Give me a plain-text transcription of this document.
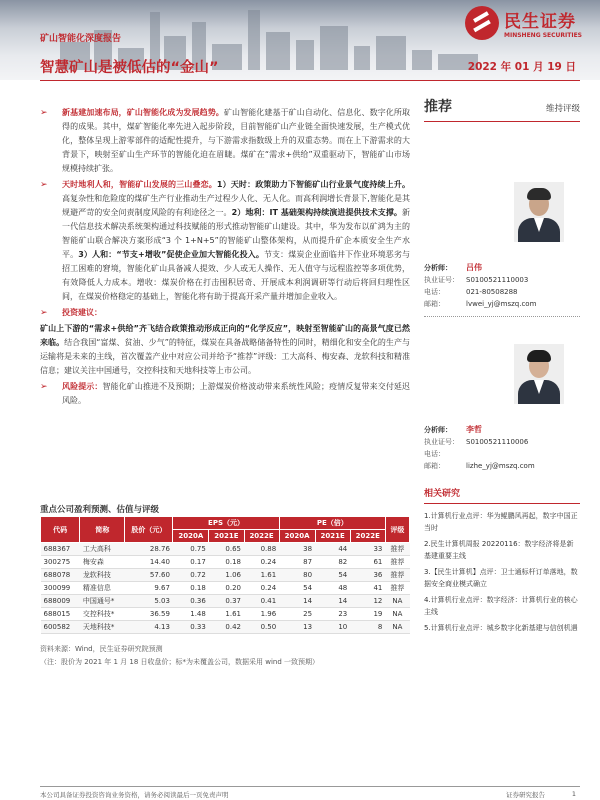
矿山智能化深度报告
智慧矿山是被低估的“金山”	2022 年 01 月 19 日
民生证券
MINSHENG SECURITIES
➢ 新基建加速布局，矿山智能化成为发展趋势。矿山智能化建基于矿山自动化、信息化、数字化所取得的成果。其中，煤矿智能化率先进入起步阶段，目前智能矿山产业链全面快速发展，生产模式优化，整体呈现上游零部件的适配性提升，与下游需求指数级上升的双重态势。而在上下游需求的大背景下，映射至矿山生产环节的智能化迫在眉睫。煤矿在“需求+供给”双重驱动下，智能矿山市场规模持续扩张。
➢ 天时地利人和，智能矿山发展的三山叠恋。1）天时：政策助力下智能矿山行业景气度持续上升。高复杂性和危险度的煤矿生产行业推动生产过程少人化、无人化。而高利润增长背景下,智能化是其规避严苛的安全问责制度风险的有利途径之一。2）地利：IT 基础架构持续演进提供技术支撑。新一代信息技术解决系统架构通过科技赋能的形式推动智能矿山建设。其中，华为发布以矿鸿为主的智能矿山联合解决方案形成“3 个 1+N+5”的智能矿山整体架构，从而提升矿企本质安全生产水平。3）人和：“节支+增收”促使企业加大智能化投入。节支：煤炭企业面临井下作业环境恶劣与招工困难的窘境，智能化矿山具备减人提效、少人或无人操作、无人值守与远程监控等多项优势，有效降低人力成本。增收：煤炭价格在打击囤积居奇、开展成本利润调研等行动后将回归理性区间，在煤炭价格稳定的基础上，智能化将有助于提高开采产量并增加企业收入。
➢ 投资建议：
矿山上下游的“需求+供给”齐飞结合政策推动形成正向的“化学反应”，映射至智能矿山的高景气度已然来临。结合我国“富煤、贫油、少气”的特征，煤炭在具备战略储备特性的同时，精细化和安全化的生产与运输将是未来的主线，首次覆盖产业中对应公司并给予“推荐”评级：工大高科、梅安森、龙软科技和精准信息；建议关注中国通号，交控科技和天地科技等上市公司。
➢ 风险提示：智能化矿山推进不及预期；上游煤炭价格波动带来系统性风险；疫情反复带来交付延迟风险。
重点公司盈利预测、估值与评级
代码	简称	股价（元）	EPS（元）			PE（倍）			评级
			2020A	2021E	2022E	2020A	2021E	2022E	
688367	工大高科	28.76	0.75	0.65	0.88	38	44	33	推荐
300275	梅安森	14.40	0.17	0.18	0.24	87	82	61	推荐
688078	龙软科技	57.60	0.72	1.06	1.61	80	54	36	推荐
300099	精准信息	9.67	0.18	0.20	0.24	54	48	41	推荐
688009	中国通号*	5.03	0.36	0.37	0.41	14	14	12	NA
688015	交控科技*	36.59	1.48	1.61	1.96	25	23	19	NA
600582	天地科技*	4.13	0.33	0.42	0.50	13	10	8	NA
资料来源：Wind，民生证券研究院预测
（注：股价为 2021 年 1 月 18 日收盘价；标*为未覆盖公司，数据采用 wind 一致预期）
推荐	维持评级
分析师： 吕伟
执业证号： S0100521110003
电话：	021-80508288
邮箱：	lvwei_yj@mszq.com
分析师： 李哲
执业证号： S0100521110006
电话：
邮箱：	lizhe_yj@mszq.com
相关研究
1.计算机行业点评：华为鲲鹏风再起，数字中国正当时
2.民生计算机周报 20220116：数字经济将是新基建重要主线
3.【民生计算机】点评：卫士通标杆订单落地，数据安全商业模式确立
4.计算机行业点评：数字经济：计算机行业的核心主线
5.计算机行业点评：城乡数字化新基建与信创机遇
本公司具备证券投资咨询业务资格，请务必阅读最后一页免责声明	证券研究报告	1
